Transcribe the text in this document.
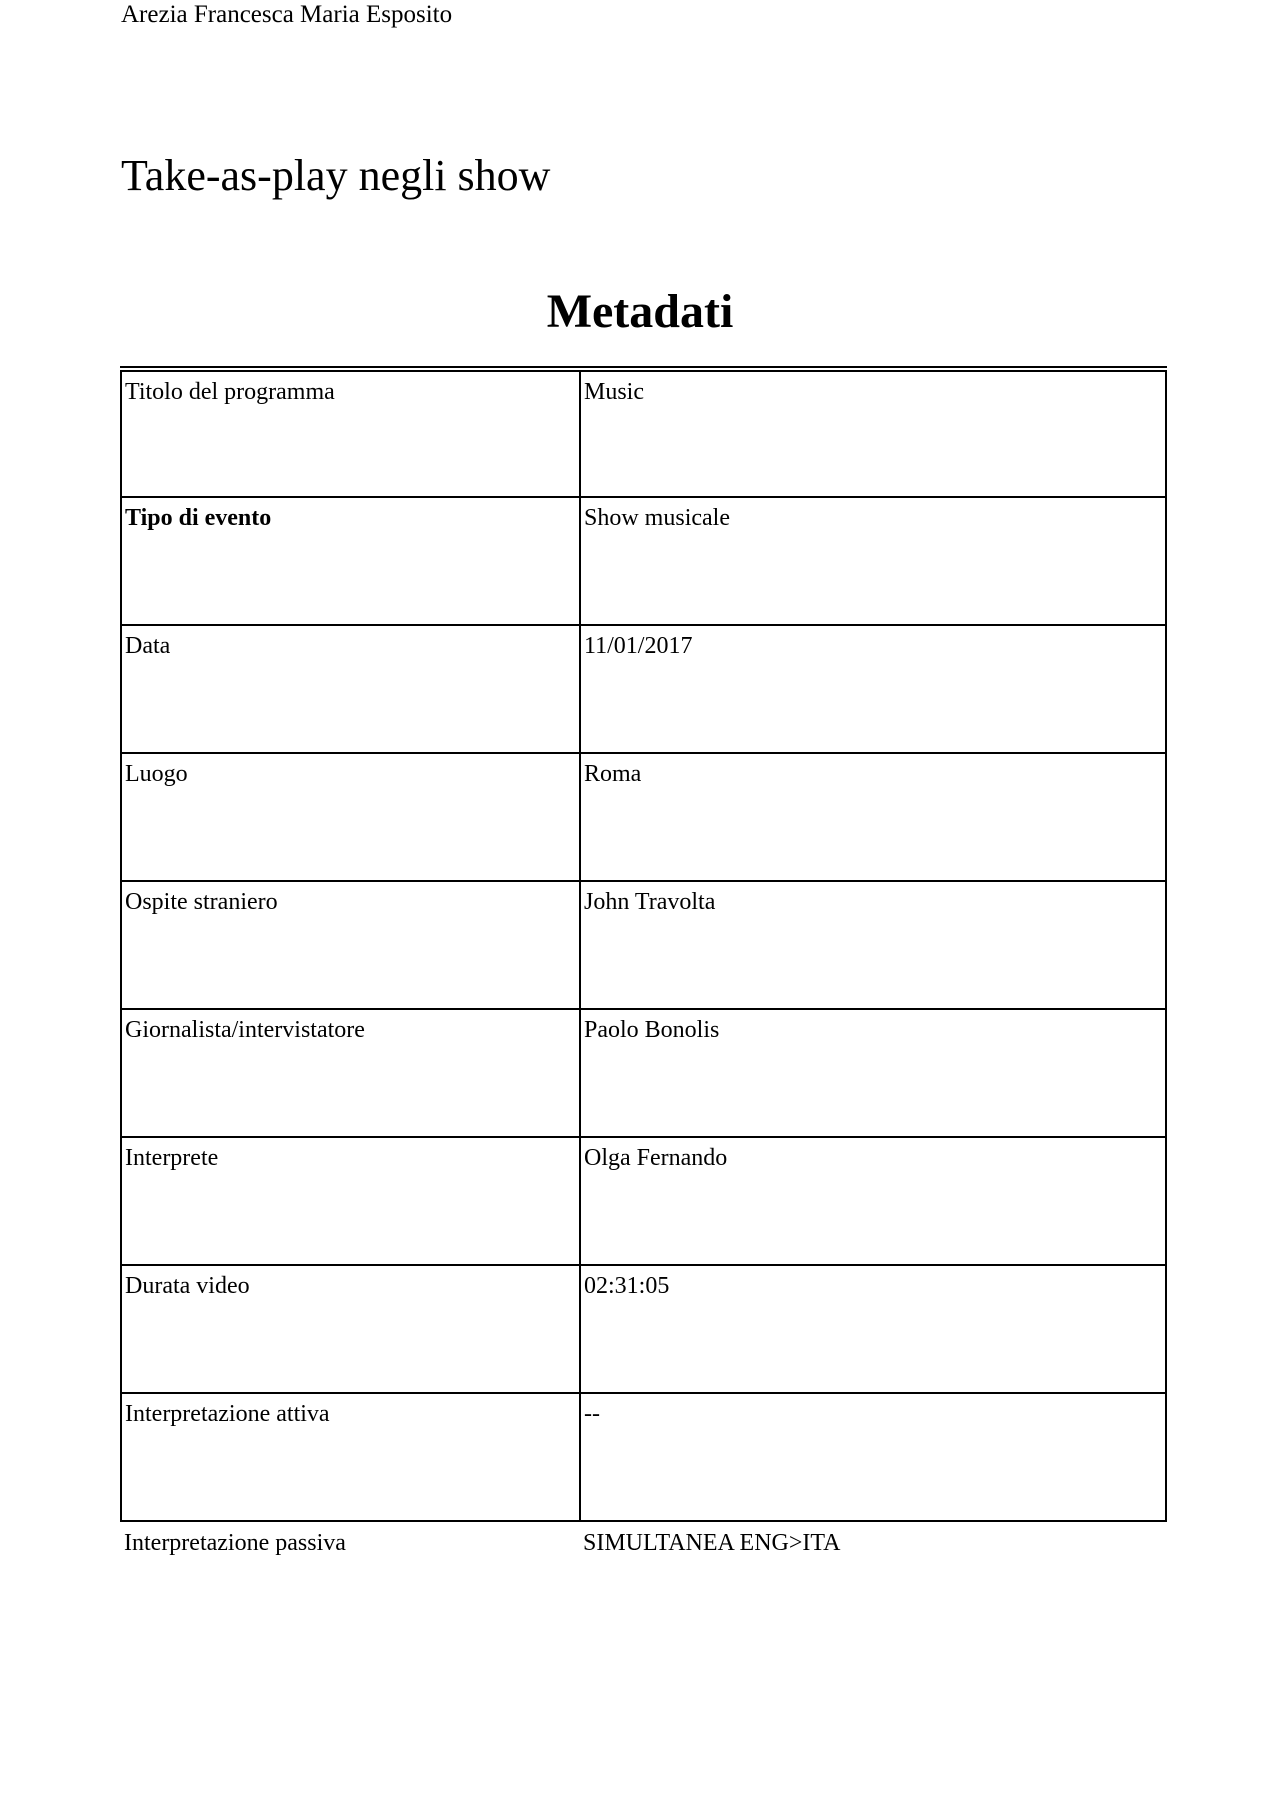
Arezia Francesca Maria Esposito
Take-as-play negli show
Metadati
Titolo del programma	Music
Tipo di evento	Show musicale
Data	11/01/2017
Luogo	Roma
Ospite straniero	John Travolta
Giornalista/intervistatore	Paolo Bonolis
Interprete	Olga Fernando
Durata video	02:31:05
Interpretazione attiva	--
Interpretazione passiva	SIMULTANEA ENG>ITA
